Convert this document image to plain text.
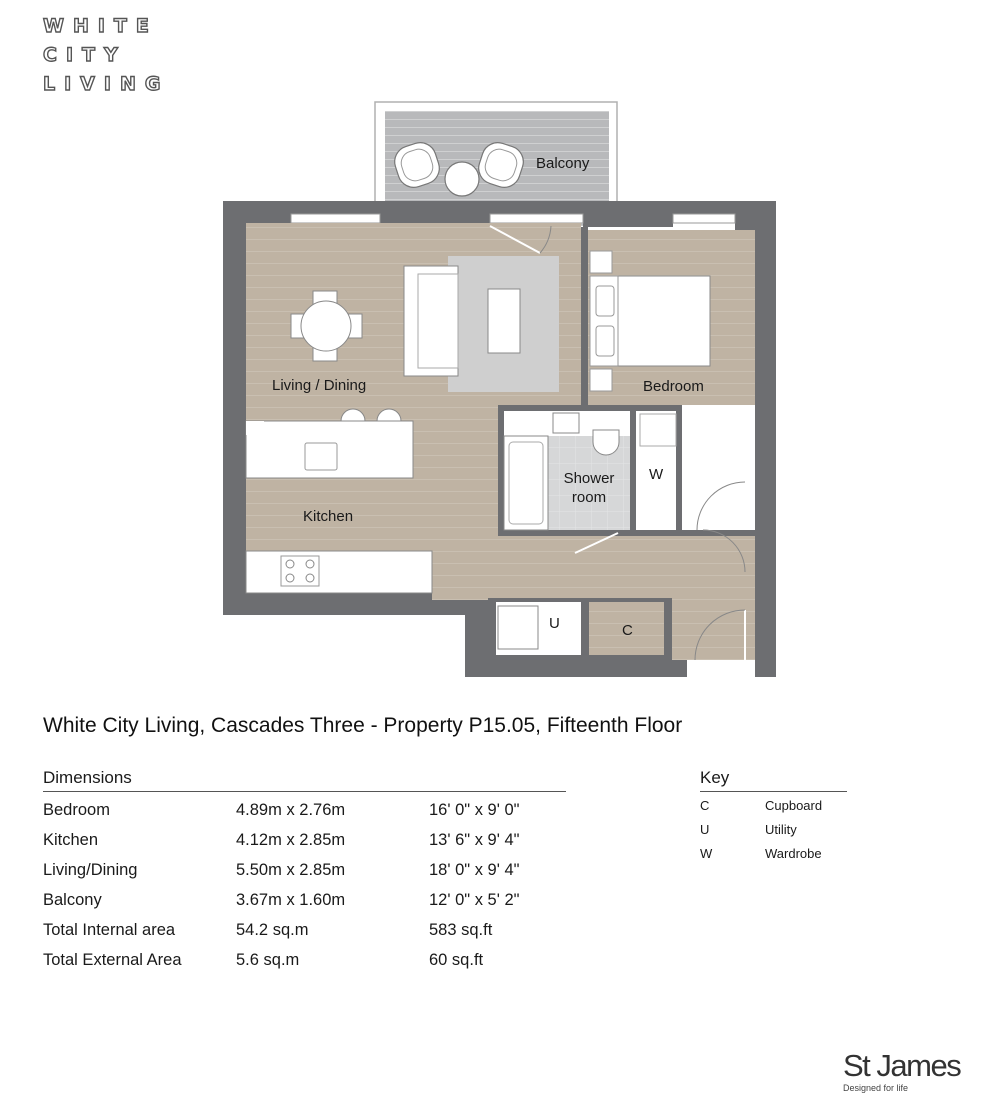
WHITE
CITY
LIVING
Balcony
Living / Dining	Bedroom
Kitchen
Shower
room
W
U	C
White City Living, Cascades Three - Property P15.05, Fifteenth Floor
Dimensions
Bedroom	4.89m x 2.76m	16' 0" x 9' 0"
Kitchen	4.12m x 2.85m	13' 6" x 9' 4"
Living/Dining	5.50m x 2.85m	18' 0" x 9' 4"
Balcony	3.67m x 1.60m	12' 0" x 5' 2"
Total Internal area	54.2 sq.m	583 sq.ft
Total External Area	5.6 sq.m	60 sq.ft
Key
C	Cupboard
U	Utility
W	Wardrobe
St James
Designed for life
